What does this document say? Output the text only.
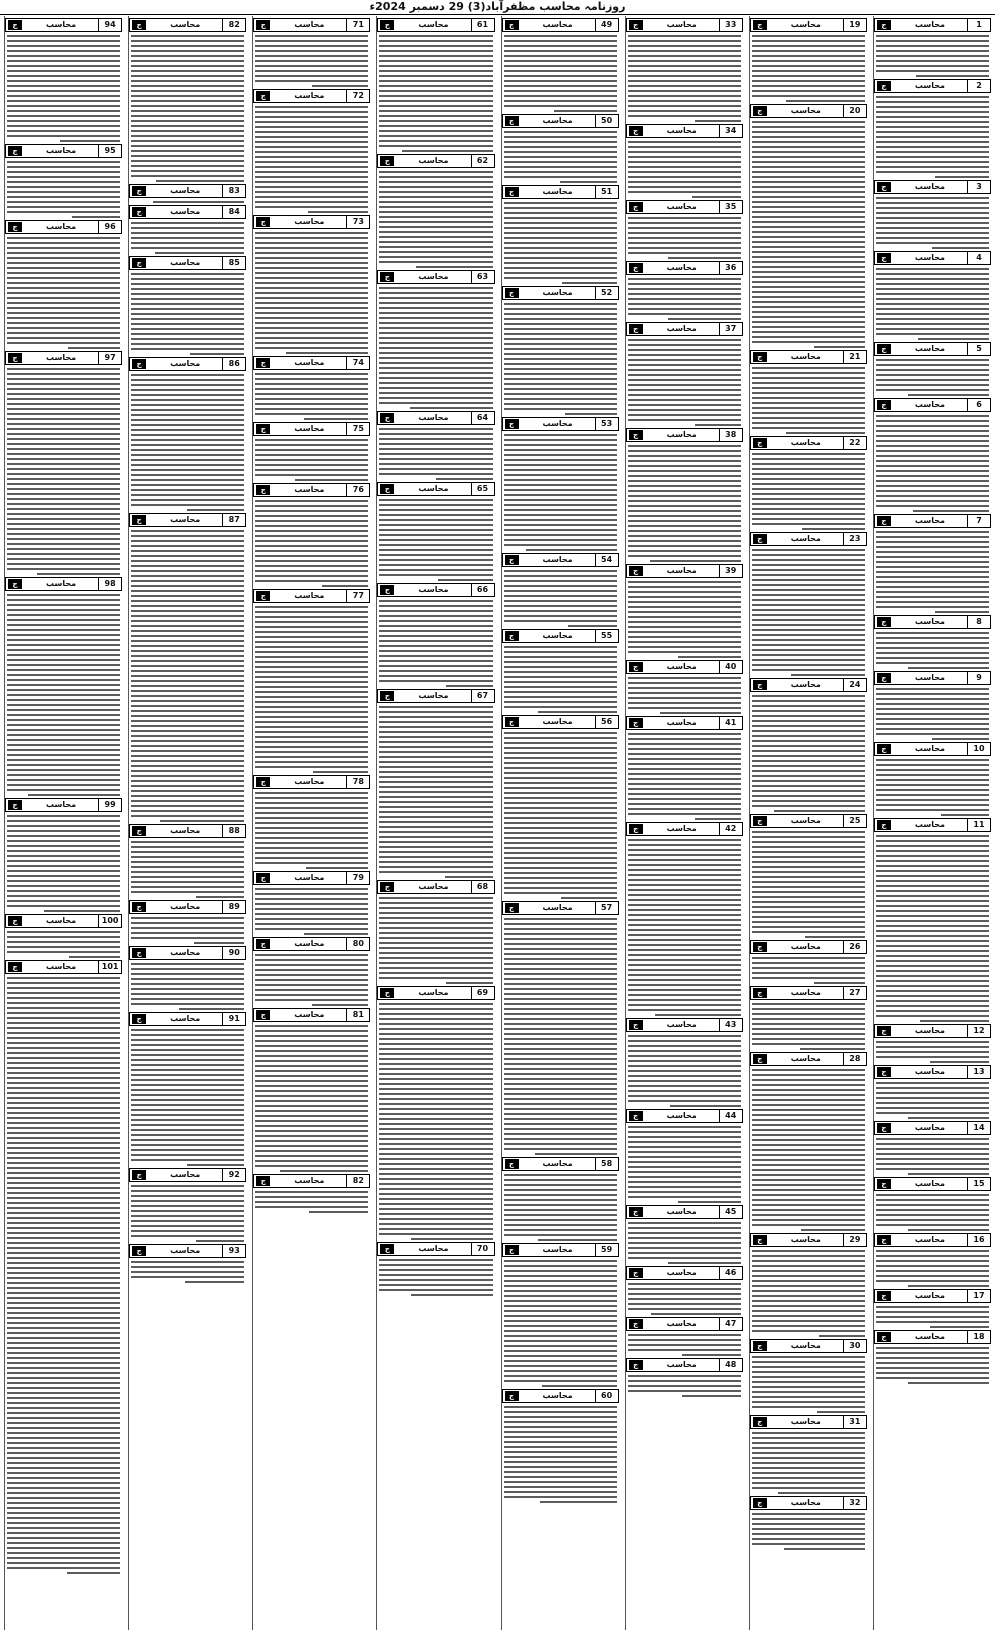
روزنامہ محاسب مظفرآباد(3) 29 دسمبر 2024ء
1
محاسب
ج
2
محاسب
ج
3
محاسب
ج
4
محاسب
ج
5
محاسب
ج
6
محاسب
ج
7
محاسب
ج
8
محاسب
ج
9
محاسب
ج
10
محاسب
ج
11
محاسب
ج
12
محاسب
ج
13
محاسب
ج
14
محاسب
ج
15
محاسب
ج
16
محاسب
ج
17
محاسب
ج
18
محاسب
ج
19
محاسب
ج
20
محاسب
ج
21
محاسب
ج
22
محاسب
ج
23
محاسب
ج
24
محاسب
ج
25
محاسب
ج
26
محاسب
ج
27
محاسب
ج
28
محاسب
ج
29
محاسب
ج
30
محاسب
ج
31
محاسب
ج
32
محاسب
ج
33
محاسب
ج
34
محاسب
ج
35
محاسب
ج
36
محاسب
ج
37
محاسب
ج
38
محاسب
ج
39
محاسب
ج
40
محاسب
ج
41
محاسب
ج
42
محاسب
ج
43
محاسب
ج
44
محاسب
ج
45
محاسب
ج
46
محاسب
ج
47
محاسب
ج
48
محاسب
ج
49
محاسب
ج
50
محاسب
ج
51
محاسب
ج
52
محاسب
ج
53
محاسب
ج
54
محاسب
ج
55
محاسب
ج
56
محاسب
ج
57
محاسب
ج
58
محاسب
ج
59
محاسب
ج
60
محاسب
ج
61
محاسب
ج
62
محاسب
ج
63
محاسب
ج
64
محاسب
ج
65
محاسب
ج
66
محاسب
ج
67
محاسب
ج
68
محاسب
ج
69
محاسب
ج
70
محاسب
ج
71
محاسب
ج
72
محاسب
ج
73
محاسب
ج
74
محاسب
ج
75
محاسب
ج
76
محاسب
ج
77
محاسب
ج
78
محاسب
ج
79
محاسب
ج
80
محاسب
ج
81
محاسب
ج
82
محاسب
ج
82
محاسب
ج
83
محاسب
ج
84
محاسب
ج
85
محاسب
ج
86
محاسب
ج
87
محاسب
ج
88
محاسب
ج
89
محاسب
ج
90
محاسب
ج
91
محاسب
ج
92
محاسب
ج
93
محاسب
ج
94
محاسب
ج
95
محاسب
ج
96
محاسب
ج
97
محاسب
ج
98
محاسب
ج
99
محاسب
ج
100
محاسب
ج
101
محاسب
ج
